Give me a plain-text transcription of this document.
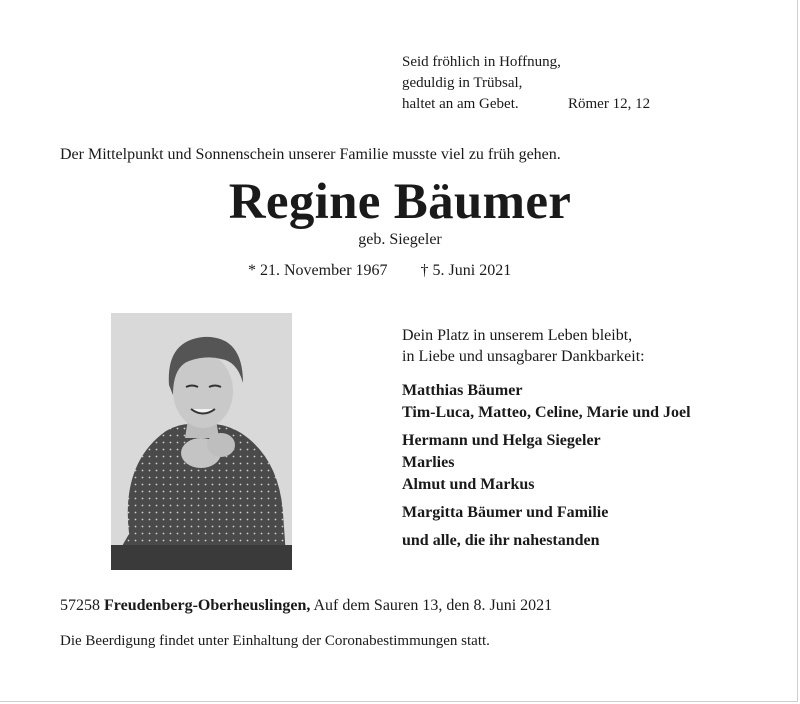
Seid fröhlich in Hoffnung,
geduldig in Trübsal,
haltet an am Gebet.	Römer 12, 12
Der Mittelpunkt und Sonnenschein unserer Familie musste viel zu früh gehen.
Regine Bäumer
geb. Siegeler
* 21. November 1967 † 5. Juni 2021
Dein Platz in unserem Leben bleibt,
in Liebe und unsagbarer Dankbarkeit:
Matthias Bäumer
Tim-Luca, Matteo, Celine, Marie und Joel
Hermann und Helga Siegeler
Marlies
Almut und Markus
Margitta Bäumer und Familie
und alle, die ihr nahestanden
57258 Freudenberg-Oberheuslingen, Auf dem Sauren 13, den 8. Juni 2021
Die Beerdigung findet unter Einhaltung der Coronabestimmungen statt.
